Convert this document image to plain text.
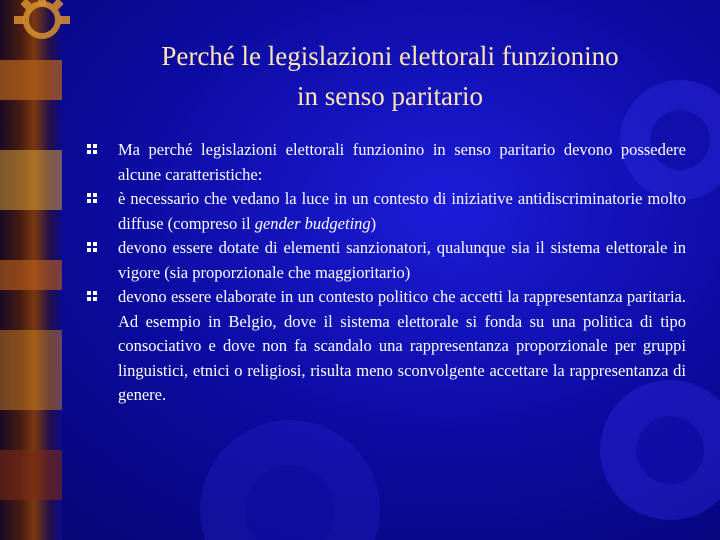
Perché le legislazioni elettorali funzionino
in senso paritario
Ma perché legislazioni elettorali funzionino in senso paritario devono possedere alcune caratteristiche:
è necessario che vedano la luce in un contesto di iniziative antidiscriminatorie molto diffuse (compreso il gender budgeting)
devono essere dotate di elementi sanzionatori, qualunque sia il sistema elettorale in vigore (sia proporzionale che maggioritario)
devono essere elaborate in un contesto politico che accetti la rappresentanza paritaria. Ad esempio in Belgio, dove il sistema elettorale si fonda su una politica di tipo consociativo e dove non fa scandalo una rappresentanza proporzionale per gruppi linguistici, etnici o religiosi, risulta meno sconvolgente accettare la rappresentanza di genere.
